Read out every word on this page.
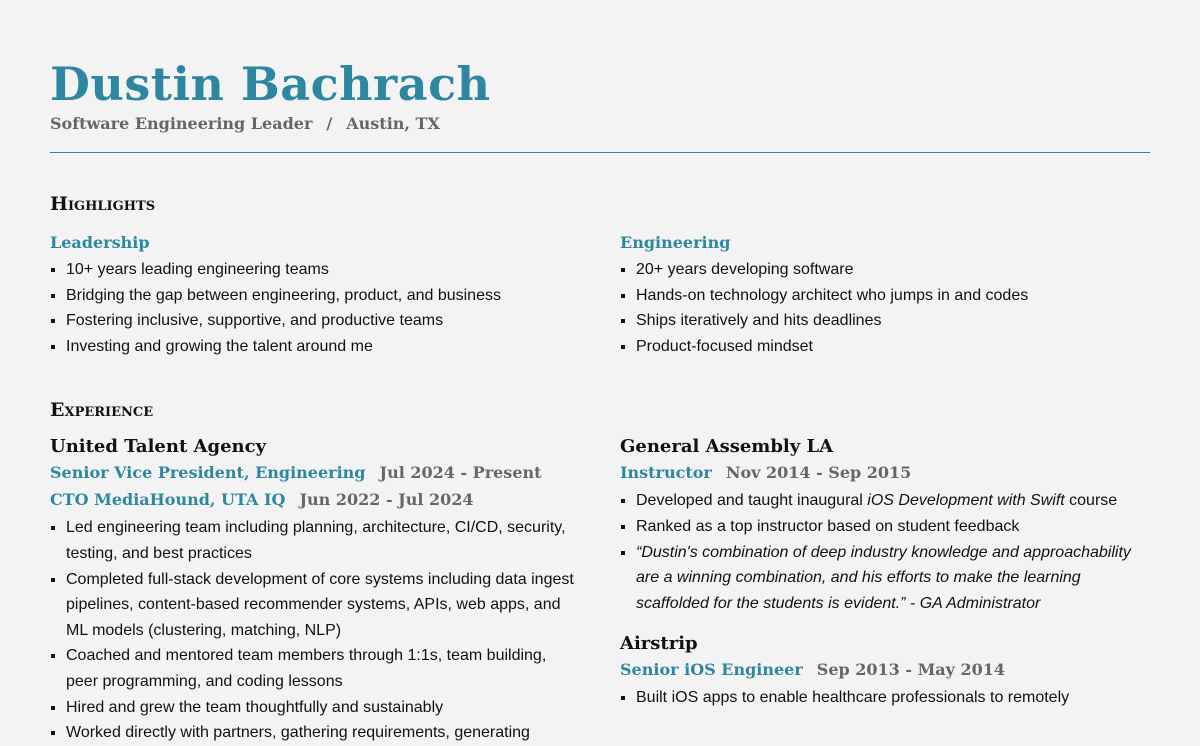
Dustin Bachrach
Software Engineering Leader / Austin, TX
Highlights
Leadership
▪ 10+ years leading engineering teams
▪ Bridging the gap between engineering, product, and business
▪ Fostering inclusive, supportive, and productive teams
▪ Investing and growing the talent around me
Engineering
▪ 20+ years developing software
▪ Hands-on technology architect who jumps in and codes
▪ Ships iteratively and hits deadlines
▪ Product-focused mindset
Experience
United Talent Agency
Senior Vice President, Engineering Jul 2024 - Present
CTO MediaHound, UTA IQ Jun 2022 - Jul 2024
▪ Led engineering team including planning, architecture, CI/CD, security, testing, and best practices
▪ Completed full-stack development of core systems including data ingest pipelines, content-based recommender systems, APIs, web apps, and ML models (clustering, matching, NLP)
▪ Coached and mentored team members through 1:1s, team building, peer programming, and coding lessons
▪ Hired and grew the team thoughtfully and sustainably
▪ Worked directly with partners, gathering requirements, generating
General Assembly LA
Instructor Nov 2014 - Sep 2015
▪ Developed and taught inaugural iOS Development with Swift course
▪ Ranked as a top instructor based on student feedback
▪ “Dustin's combination of deep industry knowledge and approachability are a winning combination, and his efforts to make the learning scaffolded for the students is evident.” - GA Administrator
Airstrip
Senior iOS Engineer Sep 2013 - May 2014
▪ Built iOS apps to enable healthcare professionals to remotely
